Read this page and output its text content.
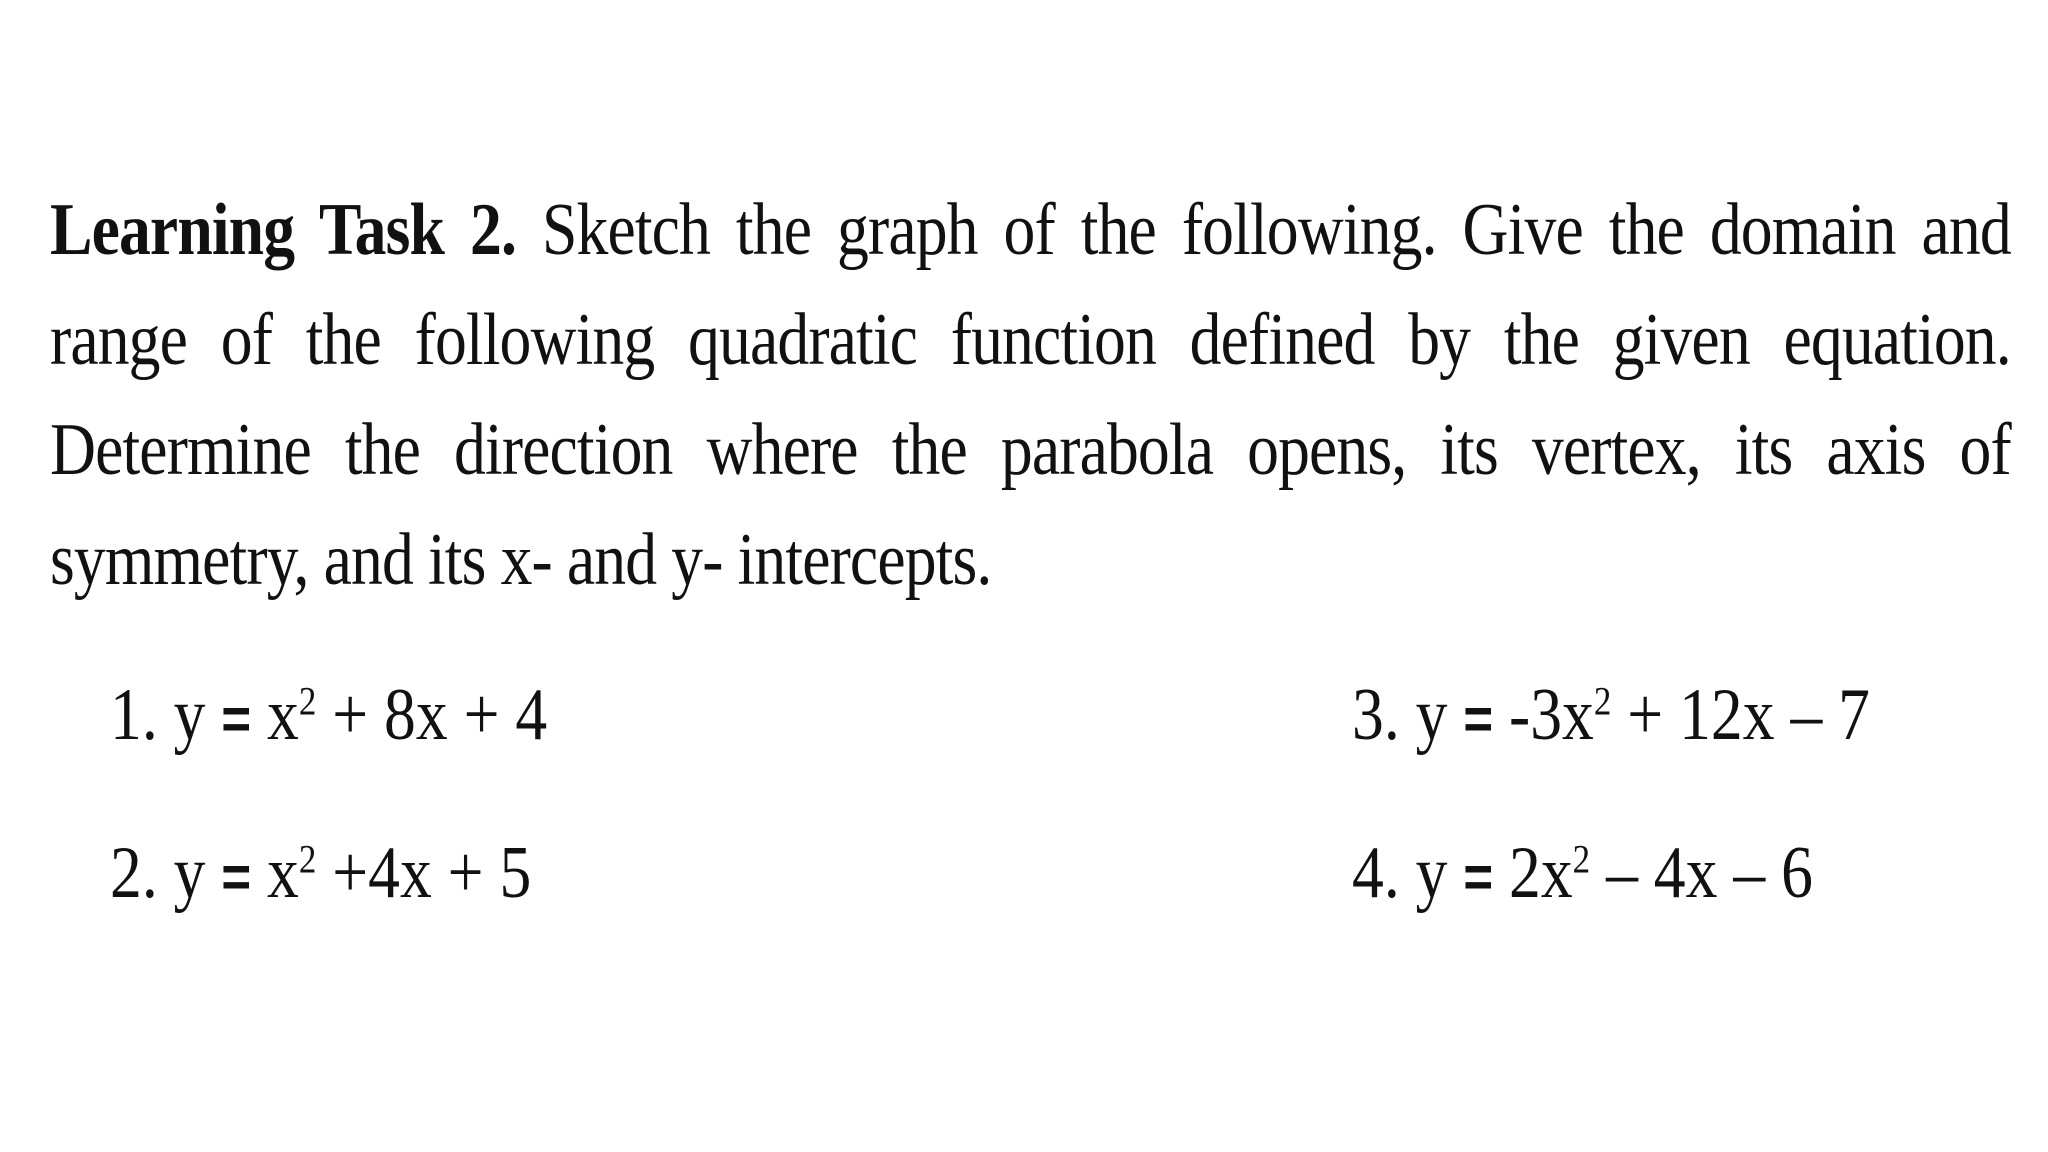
Learning Task 2. Sketch the graph of the following. Give the domain and range of the following quadratic function defined by the given equation. Determine the direction where the parabola opens, its vertex, its axis of symmetry, and its x- and y- intercepts.

1. $y = x^2 + 8x + 4$
2. $y = x^2 +4x + 5$
3. $y = -3x^2 + 12x - 7$
4. $y = 2x^2 - 4x - 6$
